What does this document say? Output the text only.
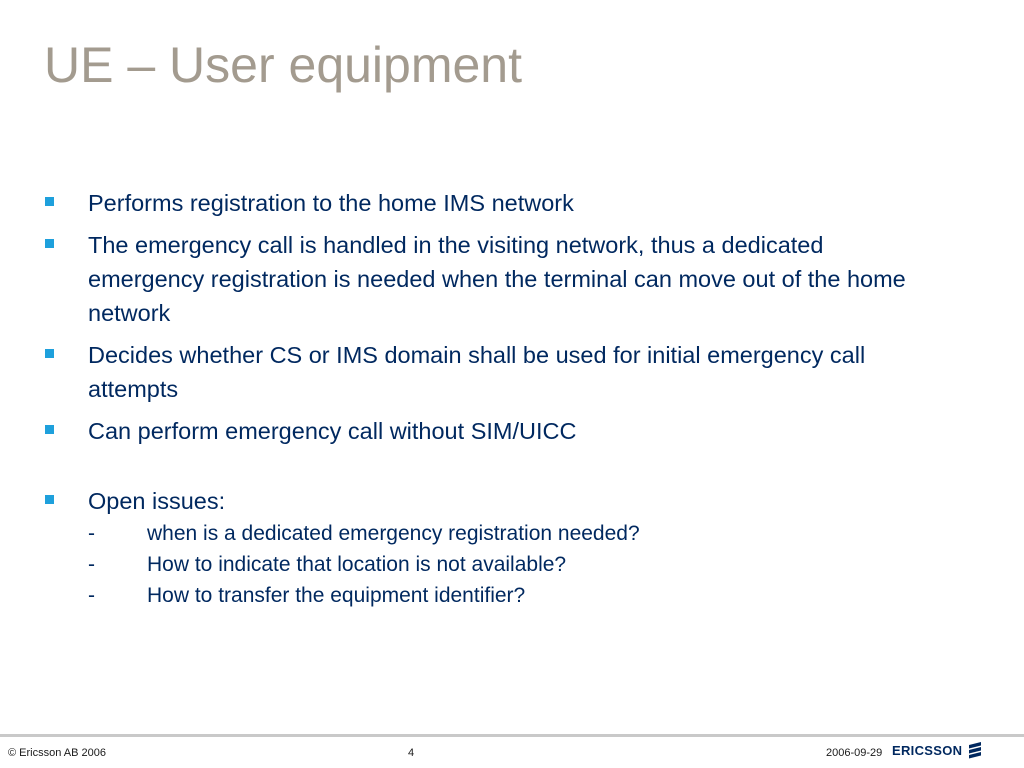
UE – User equipment
Performs registration to the home IMS network
The emergency call is handled in the visiting network, thus a dedicated emergency registration is needed when the terminal can move out of the home network
Decides whether CS or IMS domain shall be used for initial emergency call attempts
Can perform emergency call without SIM/UICC
Open issues:
- when is a dedicated emergency registration needed?
- How to indicate that location is not available?
- How to transfer the equipment identifier?
© Ericsson AB 2006	4	2006-09-29 ERICSSON
